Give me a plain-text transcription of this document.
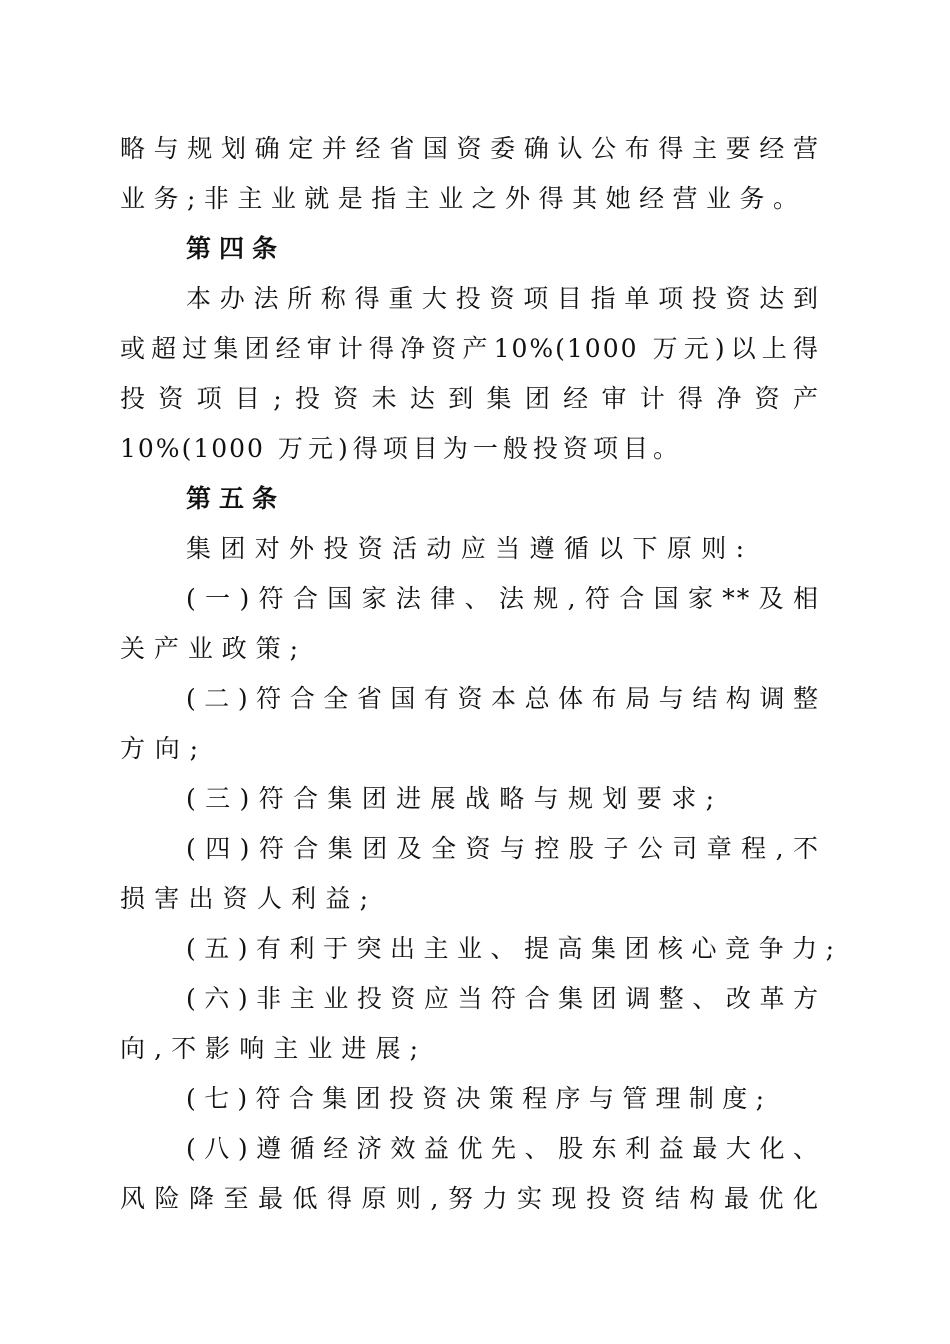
略与规划确定并经省国资委确认公布得主要经营
业务;非主业就是指主业之外得其她经营业务。
第四条
本办法所称得重大投资项目指单项投资达到
或超过集团经审计得净资产10%(1000 万元)以上得
投资项目;投资未达到集团经审计得净资产
10%(1000 万元)得项目为一般投资项目。
第五条
集团对外投资活动应当遵循以下原则:
(一)符合国家法律、法规,符合国家**及相
关产业政策;
(二)符合全省国有资本总体布局与结构调整
方向;
(三)符合集团进展战略与规划要求;
(四)符合集团及全资与控股子公司章程,不
损害出资人利益;
(五)有利于突出主业、提高集团核心竞争力;
(六)非主业投资应当符合集团调整、改革方
向,不影响主业进展;
(七)符合集团投资决策程序与管理制度;
(八)遵循经济效益优先、股东利益最大化、
风险降至最低得原则,努力实现投资结构最优化
